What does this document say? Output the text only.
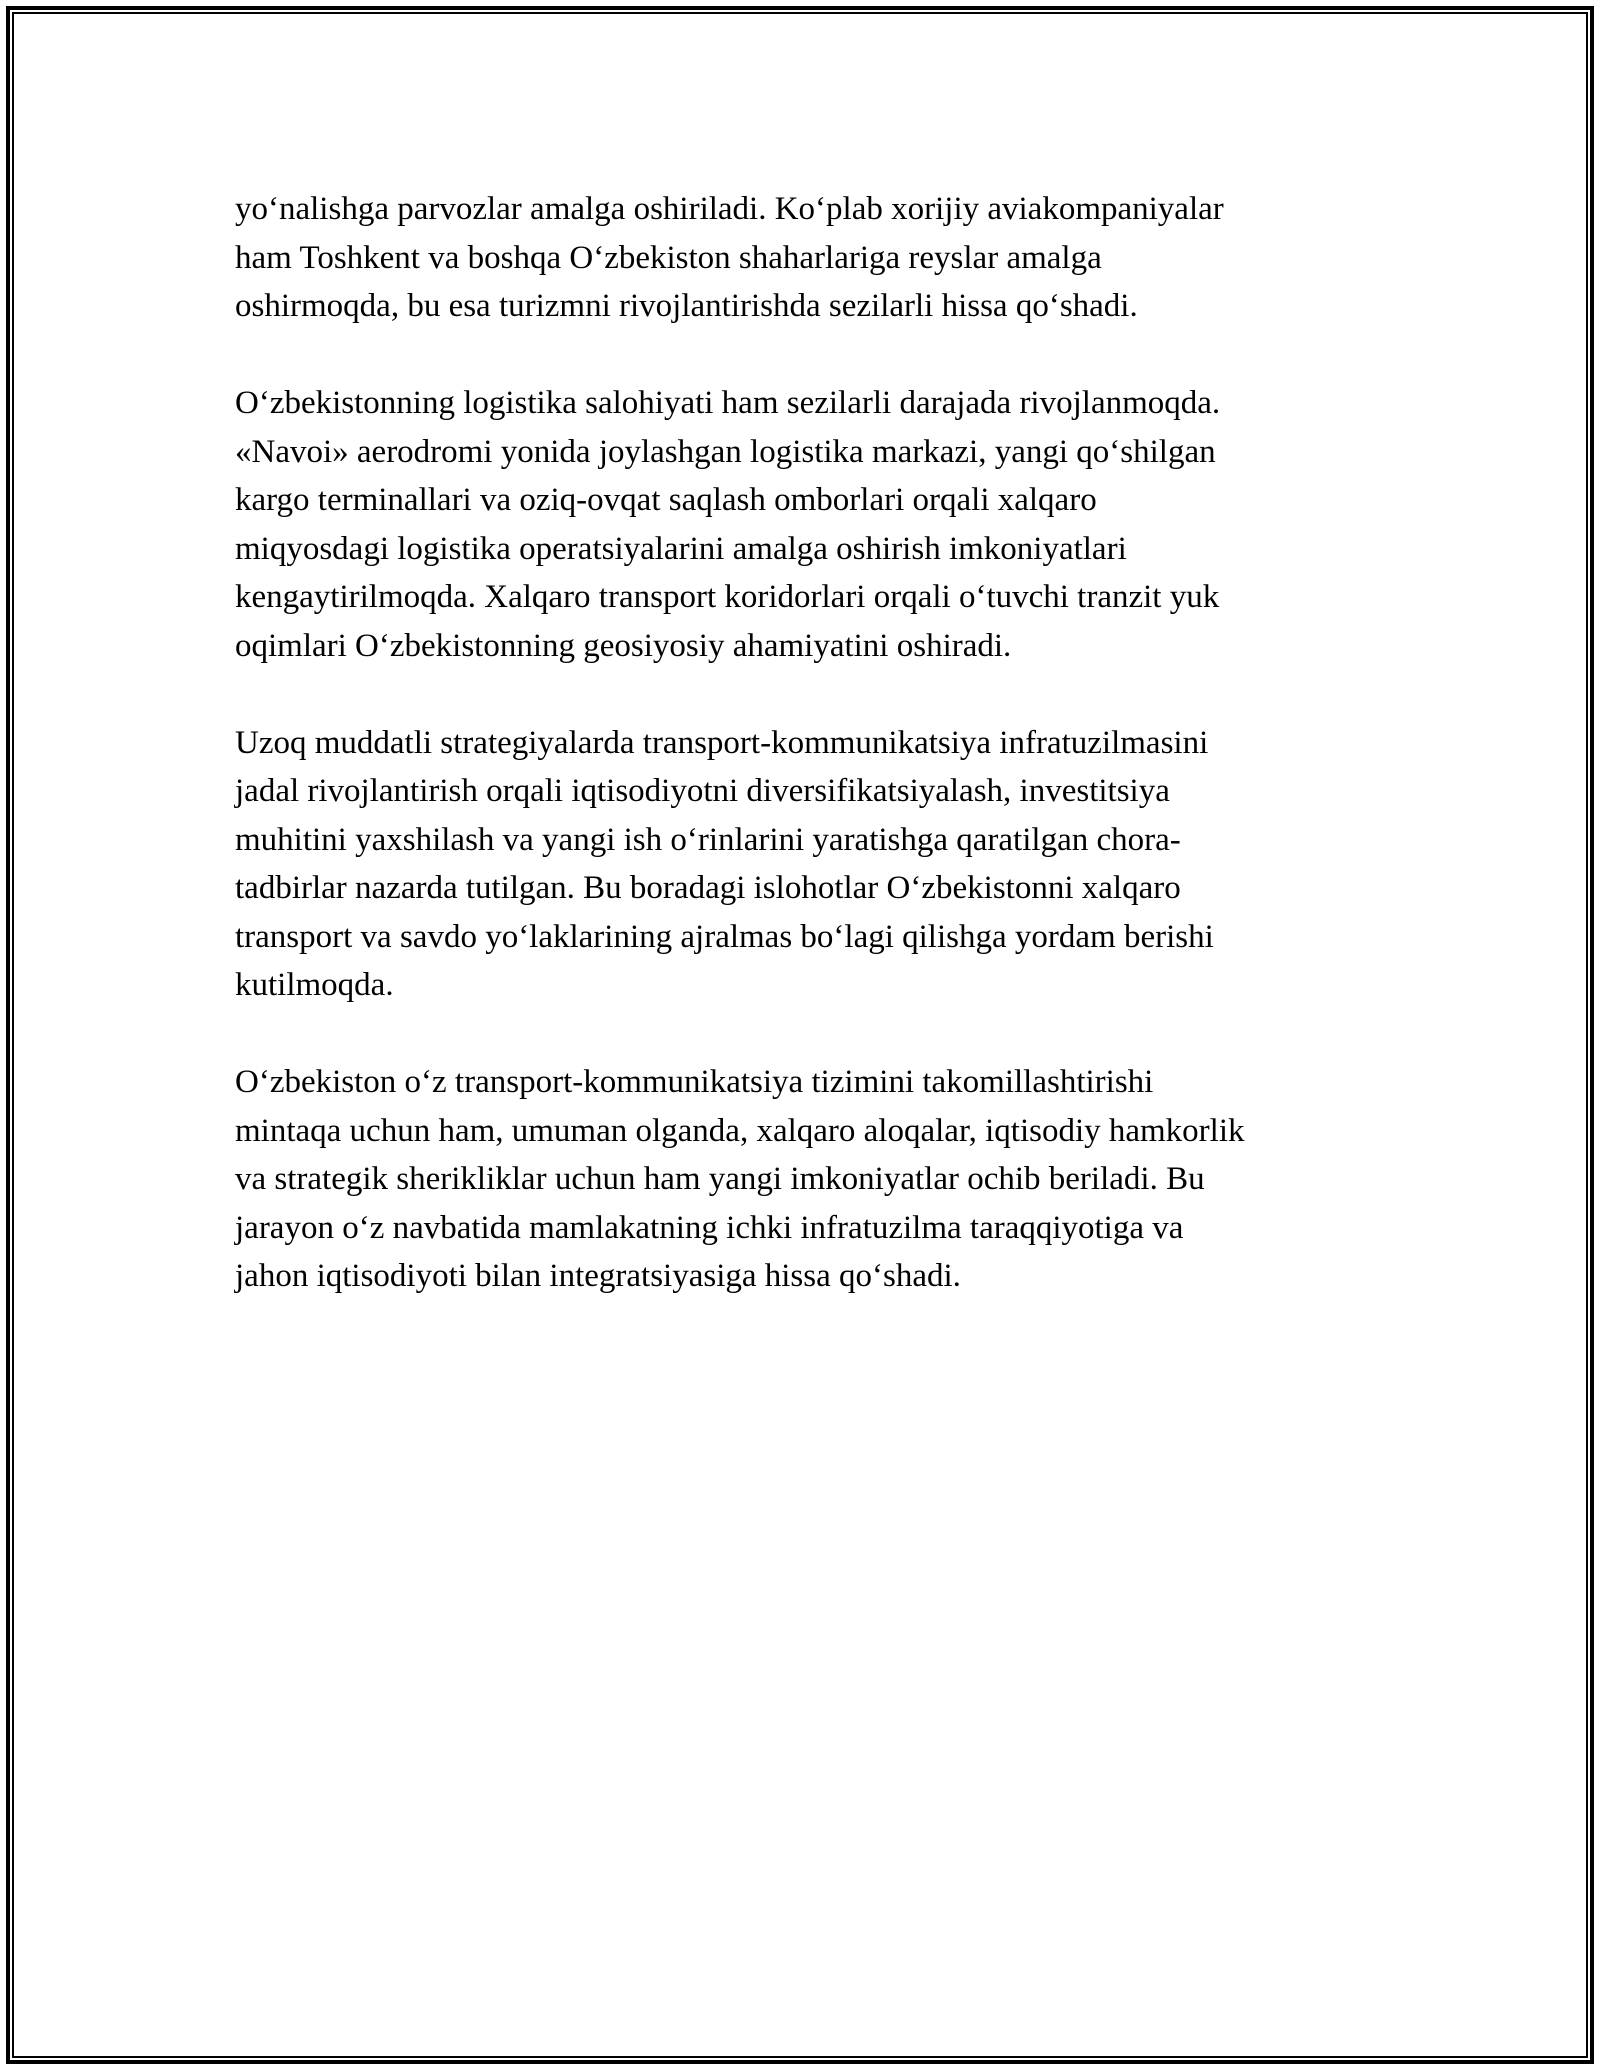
yo‘nalishga parvozlar amalga oshiriladi. Ko‘plab xorijiy aviakompaniyalar
ham Toshkent va boshqa O‘zbekiston shaharlariga reyslar amalga
oshirmoqda, bu esa turizmni rivojlantirishda sezilarli hissa qo‘shadi.

O‘zbekistonning logistika salohiyati ham sezilarli darajada rivojlanmoqda.
«Navoi» aerodromi yonida joylashgan logistika markazi, yangi qo‘shilgan
kargo terminallari va oziq-ovqat saqlash omborlari orqali xalqaro
miqyosdagi logistika operatsiyalarini amalga oshirish imkoniyatlari
kengaytirilmoqda. Xalqaro transport koridorlari orqali o‘tuvchi tranzit yuk
oqimlari O‘zbekistonning geosiyosiy ahamiyatini oshiradi.

Uzoq muddatli strategiyalarda transport-kommunikatsiya infratuzilmasini
jadal rivojlantirish orqali iqtisodiyotni diversifikatsiyalash, investitsiya
muhitini yaxshilash va yangi ish o‘rinlarini yaratishga qaratilgan chora-
tadbirlar nazarda tutilgan. Bu boradagi islohotlar O‘zbekistonni xalqaro
transport va savdo yo‘laklarining ajralmas bo‘lagi qilishga yordam berishi
kutilmoqda.

O‘zbekiston o‘z transport-kommunikatsiya tizimini takomillashtirishi
mintaqa uchun ham, umuman olganda, xalqaro aloqalar, iqtisodiy hamkorlik
va strategik sherikliklar uchun ham yangi imkoniyatlar ochib beriladi. Bu
jarayon o‘z navbatida mamlakatning ichki infratuzilma taraqqiyotiga va
jahon iqtisodiyoti bilan integratsiyasiga hissa qo‘shadi.
